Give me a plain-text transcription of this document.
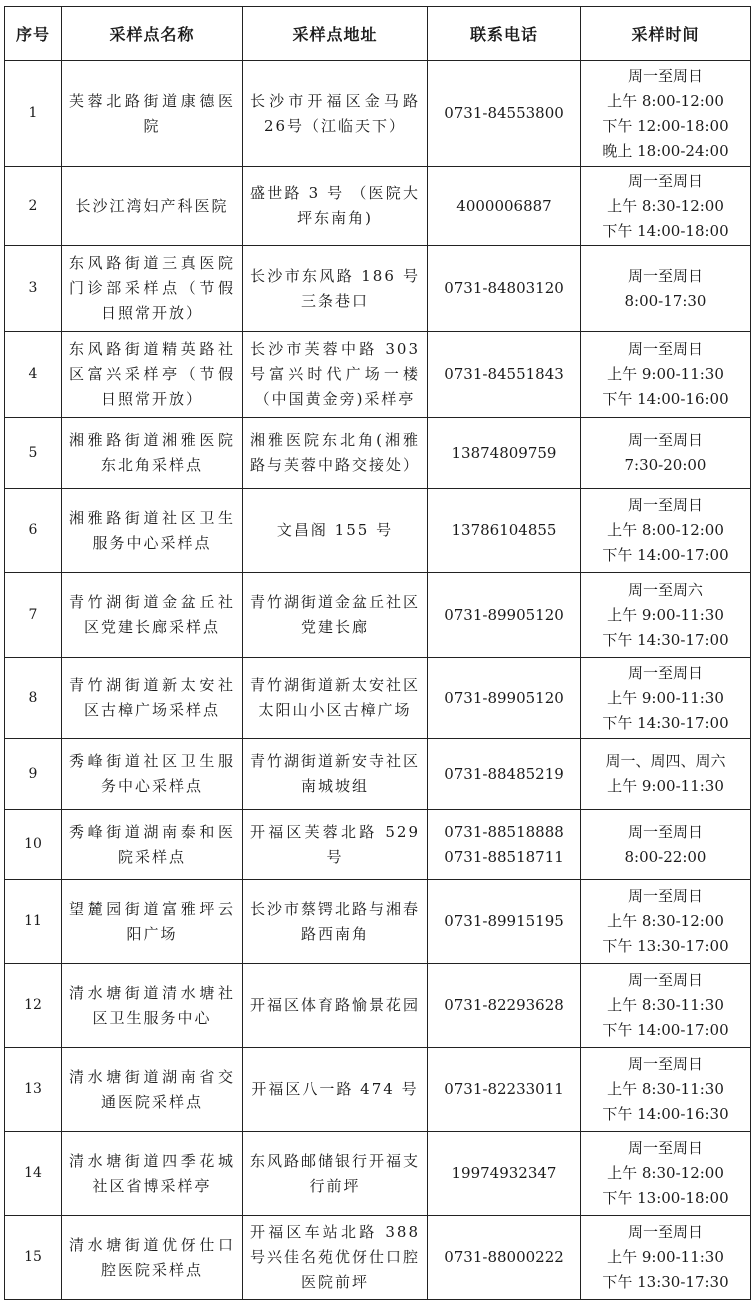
序号	采样点名称	采样点地址	联系电话	采样时间
1	芙蓉北路街道康德医院	长沙市开福区金马路26号（江临天下）	0731-84553800	周一至周日
上午 8:00-12:00
下午 12:00-18:00
晚上 18:00-24:00

2	长沙江湾妇产科医院	盛世路 3 号 （医院大坪东南角)	4000006887	周一至周日
上午 8:30-12:00
下午 14:00-18:00

3	东风路街道三真医院门诊部采样点（节假日照常开放）	长沙市东风路 186 号三条巷口	0731-84803120	周一至周日
8:00-17:30

4	东风路街道精英路社区富兴采样亭（节假日照常开放）	长沙市芙蓉中路 303 号富兴时代广场一楼（中国黄金旁)采样亭	0731-84551843	周一至周日
上午 9:00-11:30
下午 14:00-16:00

5	湘雅路街道湘雅医院东北角采样点	湘雅医院东北角(湘雅路与芙蓉中路交接处）	13874809759	周一至周日
7:30-20:00

6	湘雅路街道社区卫生服务中心采样点	文昌阁 155 号	13786104855	周一至周日
上午 8:00-12:00
下午 14:00-17:00

7	青竹湖街道金盆丘社区党建长廊采样点	青竹湖街道金盆丘社区党建长廊	0731-89905120	周一至周六
上午 9:00-11:30
下午 14:30-17:00

8	青竹湖街道新太安社区古樟广场采样点	青竹湖街道新太安社区太阳山小区古樟广场	0731-89905120	周一至周日
上午 9:00-11:30
下午 14:30-17:00

9	秀峰街道社区卫生服务中心采样点	青竹湖街道新安寺社区南城坡组	0731-88485219	周一、周四、周六
上午 9:00-11:30

10	秀峰街道湖南泰和医院采样点	开福区芙蓉北路 529 号	0731-88518888
0731-88518711	周一至周日
8:00-22:00

11	望麓园街道富雅坪云阳广场	长沙市蔡锷北路与湘春路西南角	0731-89915195	周一至周日
上午 8:30-12:00
下午 13:30-17:00

12	清水塘街道清水塘社区卫生服务中心	开福区体育路愉景花园	0731-82293628	周一至周日
上午 8:30-11:30
下午 14:00-17:00

13	清水塘街道湖南省交通医院采样点	开福区八一路 474 号	0731-82233011	周一至周日
上午 8:30-11:30
下午 14:00-16:30

14	清水塘街道四季花城社区省博采样亭	东风路邮储银行开福支行前坪	19974932347	周一至周日
上午 8:30-12:00
下午 13:00-18:00

15	清水塘街道优伢仕口腔医院采样点	开福区车站北路 388 号兴佳名苑优伢仕口腔医院前坪	0731-88000222	周一至周日
上午 9:00-11:30
下午 13:30-17:30
